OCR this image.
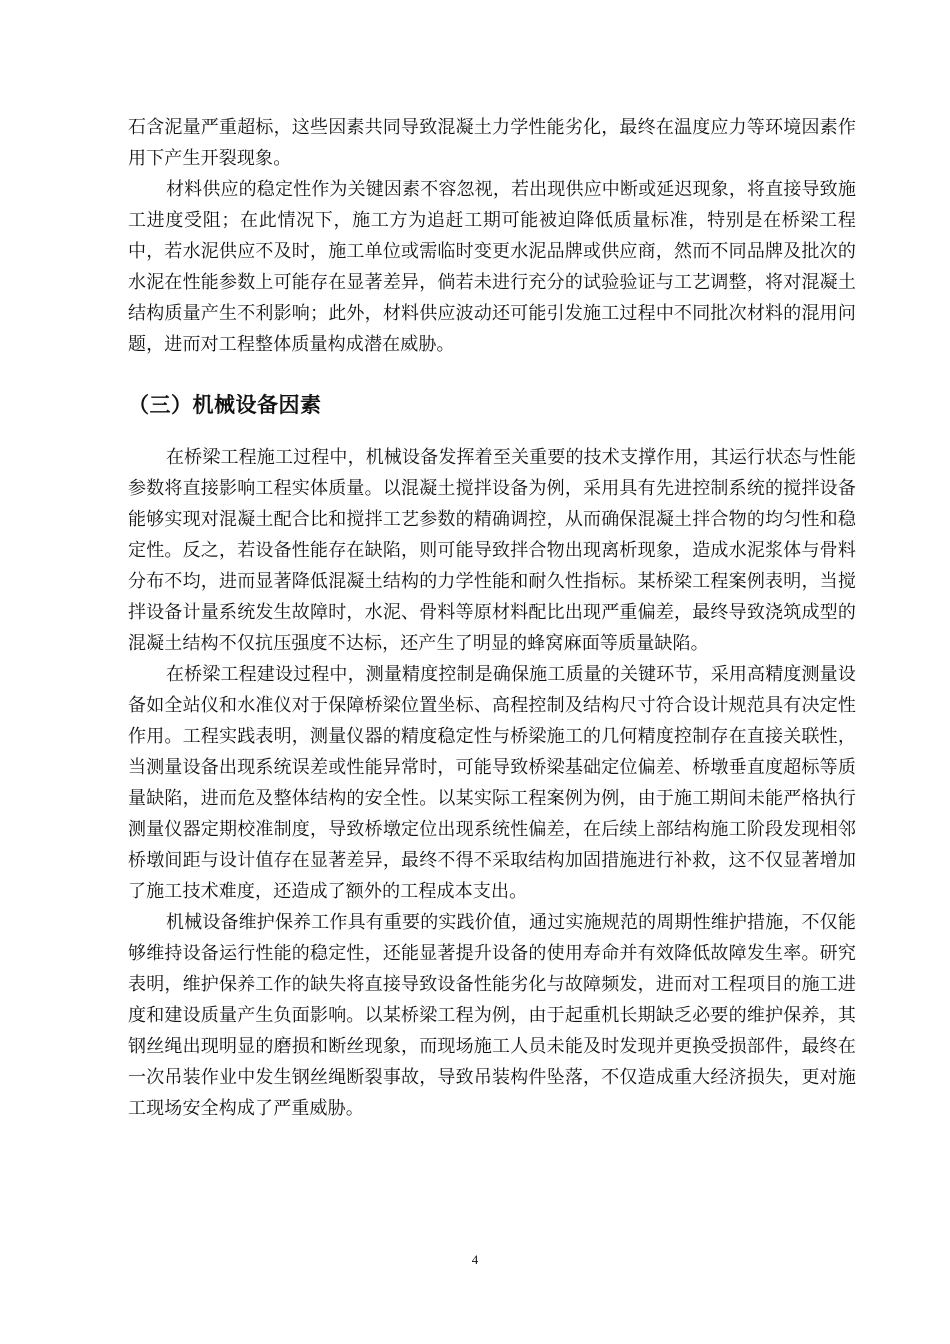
石含泥量严重超标，这些因素共同导致混凝土力学性能劣化，最终在温度应力等环境因素作用下产生开裂现象。

材料供应的稳定性作为关键因素不容忽视，若出现供应中断或延迟现象，将直接导致施工进度受阻；在此情况下，施工方为追赶工期可能被迫降低质量标准，特别是在桥梁工程中，若水泥供应不及时，施工单位或需临时变更水泥品牌或供应商，然而不同品牌及批次的水泥在性能参数上可能存在显著差异，倘若未进行充分的试验验证与工艺调整，将对混凝土结构质量产生不利影响；此外，材料供应波动还可能引发施工过程中不同批次材料的混用问题，进而对工程整体质量构成潜在威胁。

（三）机械设备因素

在桥梁工程施工过程中，机械设备发挥着至关重要的技术支撑作用，其运行状态与性能参数将直接影响工程实体质量。以混凝土搅拌设备为例，采用具有先进控制系统的搅拌设备能够实现对混凝土配合比和搅拌工艺参数的精确调控，从而确保混凝土拌合物的均匀性和稳定性。反之，若设备性能存在缺陷，则可能导致拌合物出现离析现象，造成水泥浆体与骨料分布不均，进而显著降低混凝土结构的力学性能和耐久性指标。某桥梁工程案例表明，当搅拌设备计量系统发生故障时，水泥、骨料等原材料配比出现严重偏差，最终导致浇筑成型的混凝土结构不仅抗压强度不达标，还产生了明显的蜂窝麻面等质量缺陷。

在桥梁工程建设过程中，测量精度控制是确保施工质量的关键环节，采用高精度测量设备如全站仪和水准仪对于保障桥梁位置坐标、高程控制及结构尺寸符合设计规范具有决定性作用。工程实践表明，测量仪器的精度稳定性与桥梁施工的几何精度控制存在直接关联性，当测量设备出现系统误差或性能异常时，可能导致桥梁基础定位偏差、桥墩垂直度超标等质量缺陷，进而危及整体结构的安全性。以某实际工程案例为例，由于施工期间未能严格执行测量仪器定期校准制度，导致桥墩定位出现系统性偏差，在后续上部结构施工阶段发现相邻桥墩间距与设计值存在显著差异，最终不得不采取结构加固措施进行补救，这不仅显著增加了施工技术难度，还造成了额外的工程成本支出。

机械设备维护保养工作具有重要的实践价值，通过实施规范的周期性维护措施，不仅能够维持设备运行性能的稳定性，还能显著提升设备的使用寿命并有效降低故障发生率。研究表明，维护保养工作的缺失将直接导致设备性能劣化与故障频发，进而对工程项目的施工进度和建设质量产生负面影响。以某桥梁工程为例，由于起重机长期缺乏必要的维护保养，其钢丝绳出现明显的磨损和断丝现象，而现场施工人员未能及时发现并更换受损部件，最终在一次吊装作业中发生钢丝绳断裂事故，导致吊装构件坠落，不仅造成重大经济损失，更对施工现场安全构成了严重威胁。

4
